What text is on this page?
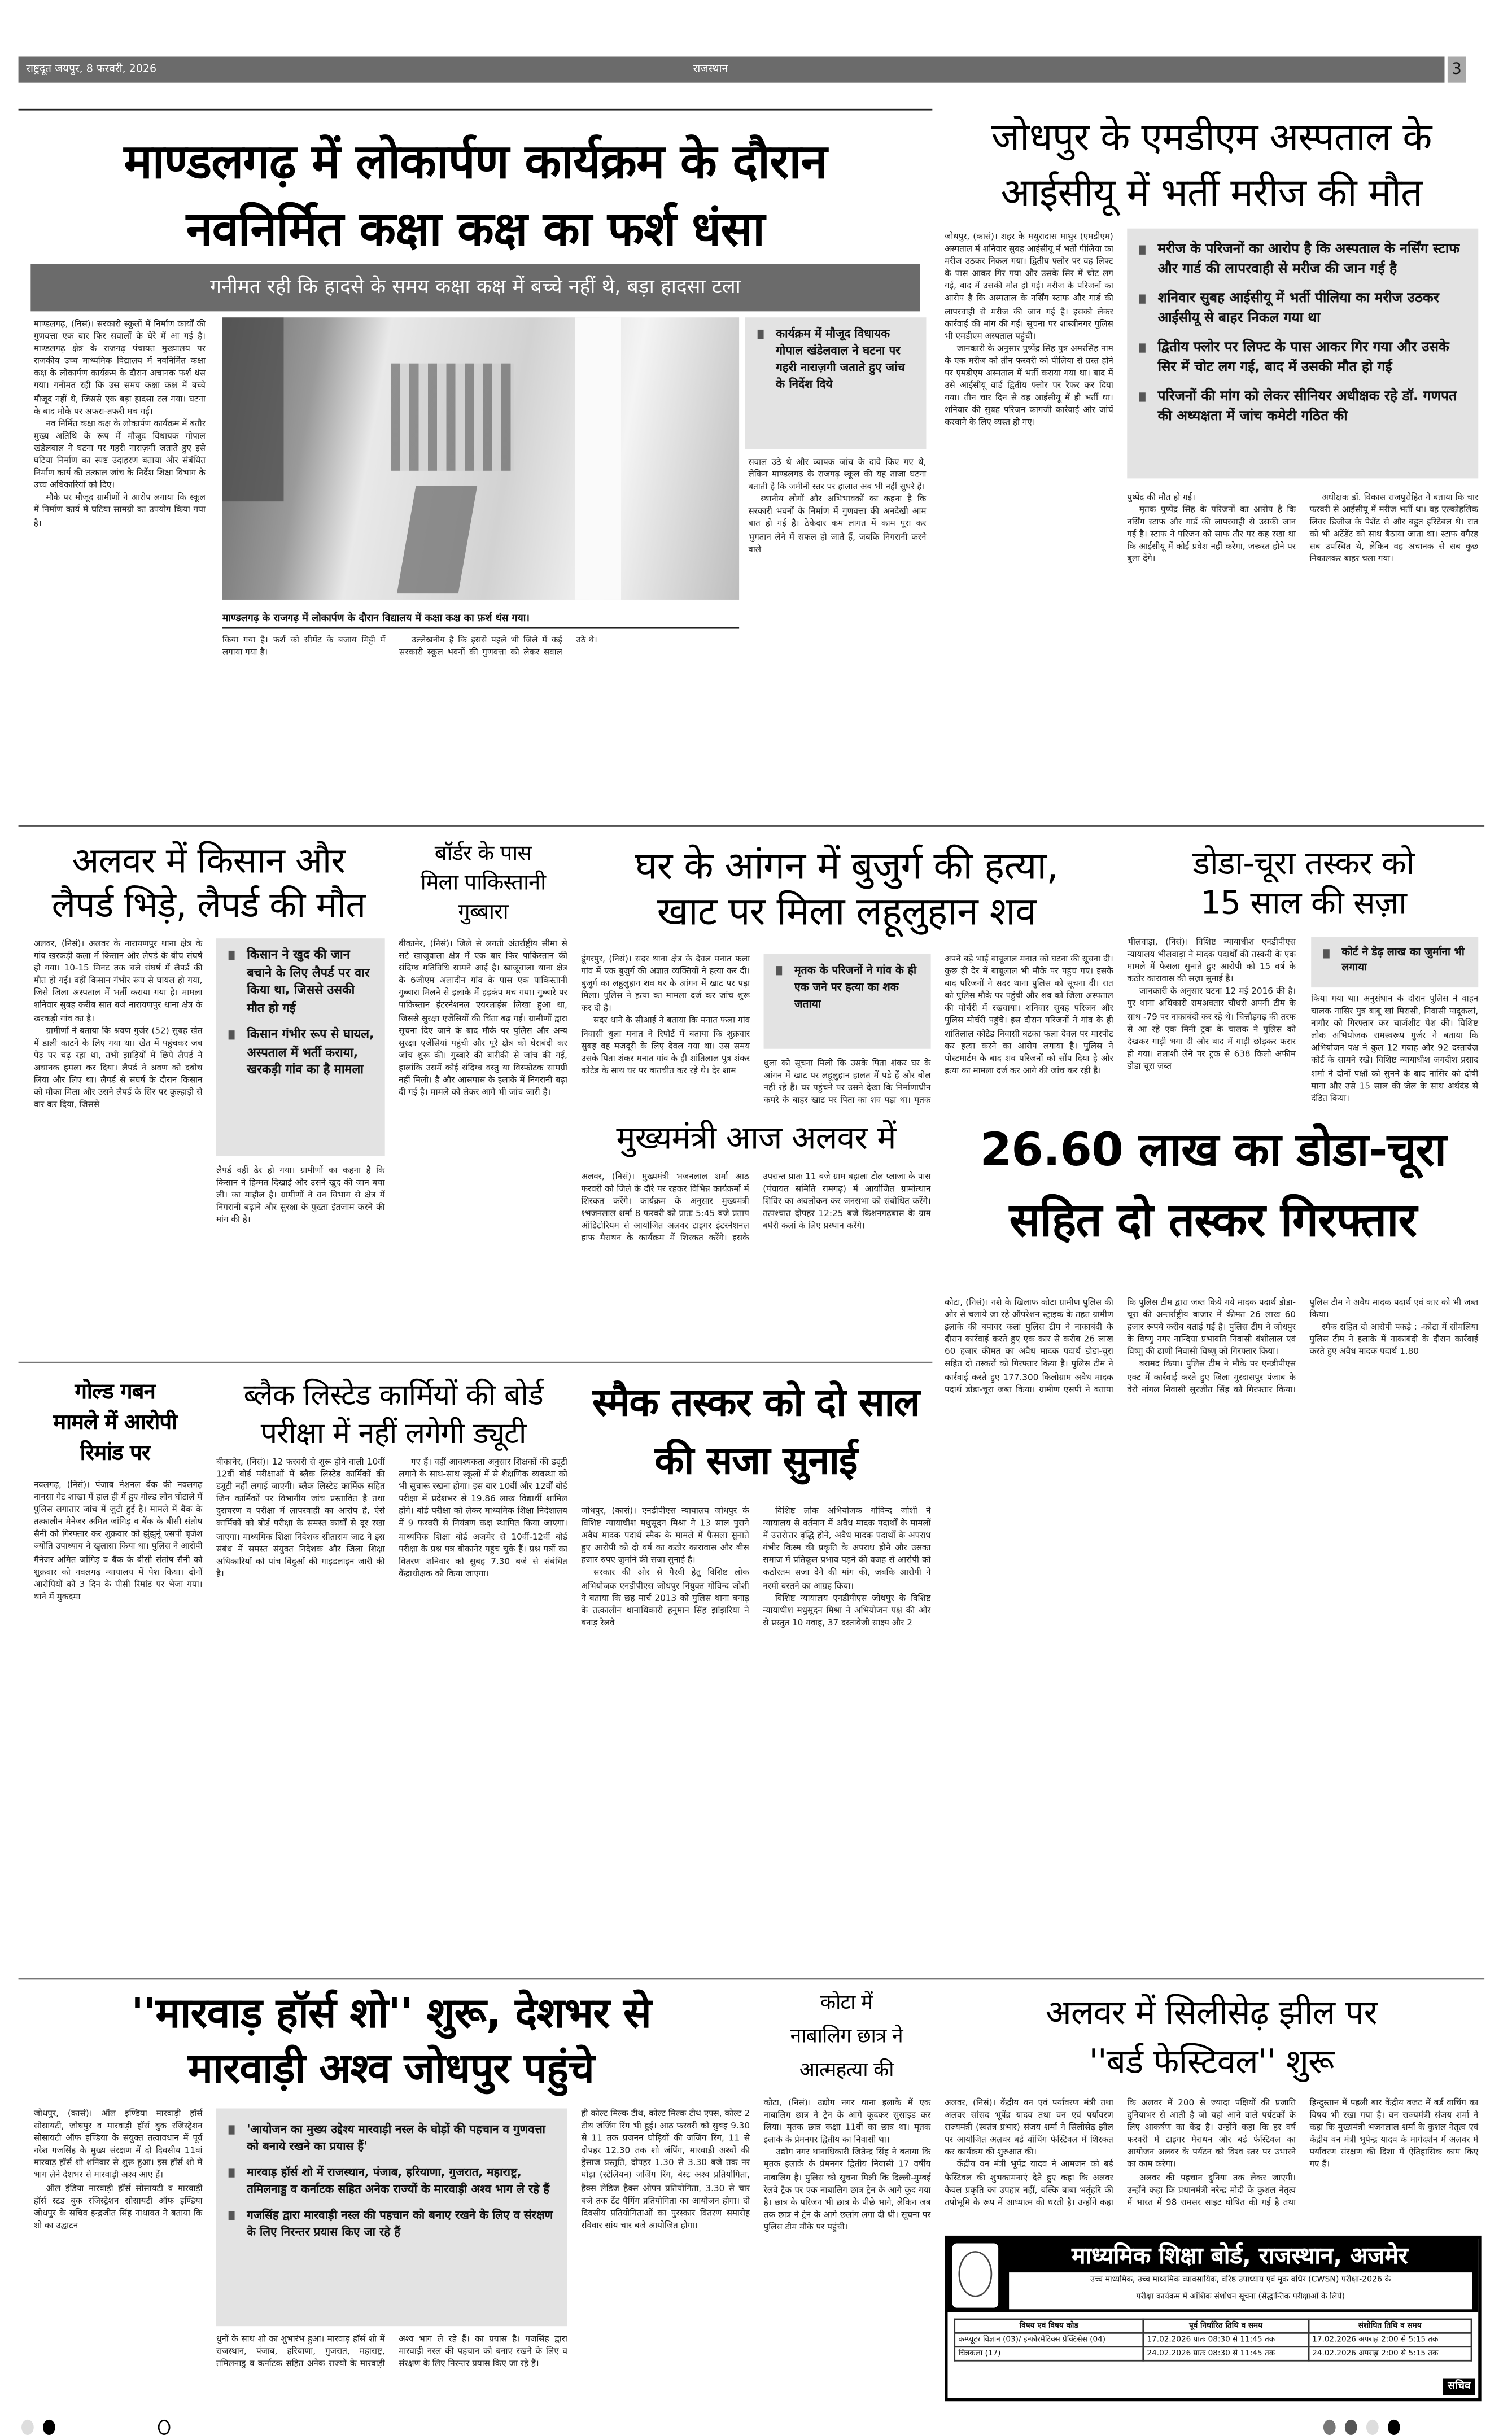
राष्ट्रदूत जयपुर, 8 फरवरी, 2026	राजस्थान	3
माण्डलगढ़ में लोकार्पण कार्यक्रम के दौरान
नवनिर्मित कक्षा कक्ष का फर्श धंसा
गनीमत रही कि हादसे के समय कक्षा कक्ष में बच्चे नहीं थे, बड़ा हादसा टला

माण्डलगढ़, (निसं)। सरकारी स्कूलों में निर्माण कार्यों की गुणवत्ता एक बार फिर सवालों के घेरे में आ गई है। माण्डलगढ़ क्षेत्र के राजगढ़ पंचायत मुख्यालय पर राजकीय उच्च माध्यमिक विद्यालय में नवनिर्मित कक्षा कक्ष के लोकार्पण कार्यक्रम के दौरान अचानक फर्श धंस गया। गनीमत रही कि उस समय कक्षा कक्ष में बच्चे मौजूद नहीं थे, जिससे एक बड़ा हादसा टल गया। घटना के बाद मौके पर अफरा-तफरी मच गई।

नव निर्मित कक्षा कक्ष के लोकार्पण कार्यक्रम में बतौर मुख्य अतिथि के रूप में मौजूद विधायक गोपाल खंडेलवाल ने घटना पर गहरी नाराज़गी जताते हुए इसे घटिया निर्माण का स्पष्ट उदाहरण बताया और संबंधित निर्माण कार्य की तत्काल जांच के निर्देश शिक्षा विभाग के उच्च अधिकारियों को दिए।

मौके पर मौजूद ग्रामीणों ने आरोप लगाया कि स्कूल में निर्माण कार्य में घटिया सामग्री का उपयोग किया गया है।

माण्डलगढ़ के राजगढ़ में लोकार्पण के दौरान विद्यालय में कक्षा कक्ष का फ़र्श धंस गया।

किया गया है। फर्श को सीमेंट के बजाय मिट्टी में लगाया गया है।

उल्लेखनीय है कि इससे पहले भी जिले में कई सरकारी स्कूल भवनों की गुणवत्ता को लेकर सवाल उठे थे।

कार्यक्रम में मौजूद विधायक गोपाल खंडेलवाल ने घटना पर गहरी नाराज़गी जताते हुए जांच के निर्देश दिये

सवाल उठे थे और व्यापक जांच के दावे किए गए थे, लेकिन माण्डलगढ़ के राजगढ़ स्कूल की यह ताजा घटना बताती है कि जमीनी स्तर पर हालात अब भी नहीं सुधरे हैं।

स्थानीय लोगों और अभिभावकों का कहना है कि सरकारी भवनों के निर्माण में गुणवत्ता की अनदेखी आम बात हो गई है। ठेकेदार कम लागत में काम पूरा कर भुगतान लेने में सफल हो जाते हैं, जबकि निगरानी करने वाले

जोधपुर के एमडीएम अस्पताल के
आईसीयू में भर्ती मरीज की मौत

जोधपुर, (कासं)। शहर के मथुरादास माथुर (एमडीएम) अस्पताल में शनिवार सुबह आईसीयू में भर्ती पीलिया का मरीज उठकर निकल गया। द्वितीय फ्लोर पर वह लिफ्ट के पास आकर गिर गया और उसके सिर में चोट लग गई, बाद में उसकी मौत हो गई। मरीज के परिजनों का आरोप है कि अस्पताल के नर्सिंग स्टाफ और गार्ड की लापरवाही से मरीज की जान गई है। इसको लेकर कार्रवाई की मांग की गई। सूचना पर शास्त्रीनगर पुलिस भी एमडीएम अस्पताल पहुंची।

जानकारी के अनुसार पुष्पेंद्र सिंह पुत्र अमरसिंह नाम के एक मरीज को तीन फरवरी को पीलिया से ग्रस्त होने पर एमडीएम अस्पताल में भर्ती कराया गया था। बाद में उसे आईसीयू वार्ड द्वितीय फ्लोर पर रैफर कर दिया गया। तीन चार दिन से वह आईसीयू में ही भर्ती था। शनिवार की सुबह परिजन कागजी कार्रवाई और जांचें करवाने के लिए व्यस्त हो गए।

मरीज के परिजनों का आरोप है कि अस्पताल के नर्सिंग स्टाफ और गार्ड की लापरवाही से मरीज की जान गई है
शनिवार सुबह आईसीयू में भर्ती पीलिया का मरीज उठकर आईसीयू से बाहर निकल गया था
द्वितीय फ्लोर पर लिफ्ट के पास आकर गिर गया और उसके सिर में चोट लग गई, बाद में उसकी मौत हो गई
परिजनों की मांग को लेकर सीनियर अधीक्षक रहे डॉ. गणपत की अध्यक्षता में जांच कमेटी गठित की

पुष्पेंद्र की मौत हो गई।

मृतक पुष्पेंद्र सिंह के परिजनों का आरोप है कि नर्सिंग स्टाफ और गार्ड की लापरवाही से उसकी जान गई है। स्टाफ ने परिजन को साफ तौर पर कह रखा था कि आईसीयू में कोई प्रवेश नहीं करेगा, जरूरत होने पर बुला देंगे।

अधीक्षक डॉ. विकास राजपुरोहित ने बताया कि चार फरवरी से आईसीयू में मरीज भर्ती था। वह एल्कोहलिक लिवर डिजीज के पेशेंट से और बहुत इरिटेबल थे। रात को भी अटेंडेंट को साथ बैठाया जाता था। स्टाफ वगैरह सब उपस्थित थे, लेकिन वह अचानक से सब कुछ निकालकर बाहर चला गया।

अलवर में किसान और
लैपर्ड भिड़े, लैपर्ड की मौत

अलवर, (निसं)। अलवर के नारायणपुर थाना क्षेत्र के गांव खरकड़ी कला में किसान और लैपर्ड के बीच संघर्ष हो गया। 10-15 मिनट तक चले संघर्ष में लैपर्ड की मौत हो गई। वहीं किसान गंभीर रूप से घायल हो गया, जिसे जिला अस्पताल में भर्ती कराया गया है। मामला शनिवार सुबह करीब सात बजे नारायणपुर थाना क्षेत्र के खरकड़ी गांव का है।

ग्रामीणों ने बताया कि श्रवण गुर्जर (52) सुबह खेत में डाली काटने के लिए गया था। खेत में पहुंचकर जब पेड़ पर चढ़ रहा था, तभी झाड़ियों में छिपे लैपर्ड ने अचानक हमला कर दिया। लैपर्ड ने श्रवण को दबोच लिया और लिए था। लैपर्ड से संघर्ष के दौरान किसान को मौका मिला और उसने लैपर्ड के सिर पर कुल्हाड़ी से वार कर दिया, जिससे

किसान ने खुद की जान बचाने के लिए लैपर्ड पर वार किया था, जिससे उसकी मौत हो गई
किसान गंभीर रूप से घायल, अस्पताल में भर्ती कराया, खरकड़ी गांव का है मामला

लैपर्ड वहीं ढेर हो गया। ग्रामीणों का कहना है कि किसान ने हिम्मत दिखाई और उसने खुद की जान बचा ली। का माहौल है। ग्रामीणों ने वन विभाग से क्षेत्र में निगरानी बढ़ाने और सुरक्षा के पुख्ता इंतजाम करने की मांग की है।

बॉर्डर के पास
मिला पाकिस्तानी
गुब्बारा

बीकानेर, (निसं)। जिले से लगती अंतर्राष्ट्रीय सीमा से सटे खाजूवाला क्षेत्र में एक बार फिर पाकिस्तान की संदिग्ध गतिविधि सामने आई है। खाजूवाला थाना क्षेत्र के 6जीएम अलादीन गांव के पास एक पाकिस्तानी गुब्बारा मिलने से इलाके में हड़कंप मच गया। गुब्बारे पर पाकिस्तान इंटरनेशनल एयरलाइंस लिखा हुआ था, जिससे सुरक्षा एजेंसियों की चिंता बढ़ गई। ग्रामीणों द्वारा सूचना दिए जाने के बाद मौके पर पुलिस और अन्य सुरक्षा एजेंसियां पहुंची और पूरे क्षेत्र को घेराबंदी कर जांच शुरू की। गुब्बारे की बारीकी से जांच की गई, हालांकि उसमें कोई संदिग्ध वस्तु या विस्फोटक सामग्री नहीं मिली। है और आसपास के इलाके में निगरानी बढ़ा दी गई है। मामले को लेकर आगे भी जांच जारी है।

घर के आंगन में बुजुर्ग की हत्या,
खाट पर मिला लहूलुहान शव

डूंगरपुर, (निसं)। सदर थाना क्षेत्र के देवल मनात फला गांव में एक बुजुर्ग की अज्ञात व्यक्तियों ने हत्या कर दी। बुजुर्ग का लहूलुहान शव घर के आंगन में खाट पर पड़ा मिला। पुलिस ने हत्या का मामला दर्ज कर जांच शुरू कर दी है।

सदर थाने के सीआई ने बताया कि मनात फला गांव निवासी धुला मनात ने रिपोर्ट में बताया कि शुक्रवार सुबह वह मजदूरी के लिए देवल गया था। उस समय उसके पिता शंकर मनात गांव के ही शांतिलाल पुत्र शंकर कोटेड के साथ घर पर बातचीत कर रहे थे। देर शाम

मृतक के परिजनों ने गांव के ही एक जने पर हत्या का शक जताया

धुला को सूचना मिली कि उसके पिता शंकर घर के आंगन में खाट पर लहूलुहान हालत में पड़े हैं और बोल नहीं रहे हैं। घर पहुंचने पर उसने देखा कि निर्माणाधीन कमरे के बाहर खाट पर पिता का शव पड़ा था। मृतक

अपने बड़े भाई बाबूलाल मनात को घटना की सूचना दी। कुछ ही देर में बाबूलाल भी मौके पर पहुंच गए। इसके बाद परिजनों ने सदर थाना पुलिस को सूचना दी। रात को पुलिस मौके पर पहुंची और शव को जिला अस्पताल की मोर्चरी में रखवाया। शनिवार सुबह परिजन और पुलिस मोर्चरी पहुंचे। इस दौरान परिजनों ने गांव के ही शांतिलाल कोटेड निवासी बटका फला देवल पर मारपीट कर हत्या करने का आरोप लगाया है। पुलिस ने पोस्टमार्टम के बाद शव परिजनों को सौंप दिया है और हत्या का मामला दर्ज कर आगे की जांच कर रही है।

डोडा-चूरा तस्कर को
15 साल की सज़ा

भीलवाड़ा, (निसं)। विशिष्ट न्यायाधीश एनडीपीएस न्यायालय भीलवाड़ा ने मादक पदार्थों की तस्करी के एक मामले में फैसला सुनाते हुए आरोपी को 15 वर्ष के कठोर कारावास की सज़ा सुनाई है।

जानकारी के अनुसार घटना 12 मई 2016 की है। पुर थाना अधिकारी रामअवतार चौधरी अपनी टीम के साथ -79 पर नाकाबंदी कर रहे थे। चित्तौड़गढ़ की तरफ से आ रहे एक मिनी ट्रक के चालक ने पुलिस को देखकर गाड़ी भगा दी और बाद में गाड़ी छोड़कर फरार हो गया। तलाशी लेने पर ट्रक से 638 किलो अफीम डोडा चूरा ज़ब्त

कोर्ट ने डेढ़ लाख का जुर्माना भी लगाया

किया गया था। अनुसंधान के दौरान पुलिस ने वाहन चालक नासिर पुत्र बाबू खां मिरासी, निवासी पादूकलां, नागौर को गिरफ्तार कर चार्जशीट पेश की। विशिष्ट लोक अभियोजक रामस्वरूप गुर्जर ने बताया कि अभियोजन पक्ष ने कुल 12 गवाह और 92 दस्तावेज़ कोर्ट के सामने रखे। विशिष्ट न्यायाधीश जगदीश प्रसाद शर्मा ने दोनों पक्षों को सुनने के बाद नासिर को दोषी माना और उसे 15 साल की जेल के साथ अर्थदंड से दंडित किया।

मुख्यमंत्री आज अलवर में

अलवर, (निसं)। मुख्यमंत्री भजनलाल शर्मा आठ फरवरी को जिले के दौरे पर रहकर विभिन्न कार्यक्रमों में शिरकत करेंगे। कार्यक्रम के अनुसार मुख्यमंत्री श्भजनलाल शर्मा 8 फरवरी को प्रातः 5:45 बजे प्रताप ऑडिटोरियम से आयोजित अलवर टाइगर इंटरनेशनल हाफ मैराथन के कार्यक्रम में शिरकत करेंगे। इसके उपरान्त प्रातः 11 बजे ग्राम बहाला टोल प्लाजा के पास (पंचायत समिति रामगढ़) में आयोजित ग्रामोत्थान शिविर का अवलोकन कर जनसभा को संबोधित करेंगे। तत्पश्चात दोपहर 12:25 बजे किशनगढ़बास के ग्राम बघेरी कलां के लिए प्रस्थान करेंगे।

26.60 लाख का डोडा-चूरा
सहित दो तस्कर गिरफ्तार

कोटा, (निसं)। नशे के खिलाफ कोटा ग्रामीण पुलिस की ओर से चलाये जा रहे ऑपरेशन स्ट्राइक के तहत ग्रामीण इलाके की बपावर कलां पुलिस टीम ने नाकाबंदी के दौरान कार्रवाई करते हुए एक कार से करीब 26 लाख 60 हजार कीमत का अवैध मादक पदार्थ डोडा-चूरा सहित दो तस्करों को गिरफ्तार किया है। पुलिस टीम ने कार्रवाई करते हुए 177.300 किलोग्राम अवैध मादक पदार्थ डोडा-चूरा जब्त किया। ग्रामीण एसपी ने बताया कि पुलिस टीम द्वारा जब्त किये गये मादक पदार्थ डोडा-चूरा की अन्तर्राष्ट्रीय बाजार में कीमत 26 लाख 60 हजार रूपये करीब बताई गई है। पुलिस टीम ने जोधपुर के विष्णु नगर नान्दिया प्रभावति निवासी बंशीलाल एवं विष्णु की ढाणी निवासी विष्णु को गिरफ्तार किया।

बरामद किया। पुलिस टीम ने मौके पर एनडीपीएस एक्ट में कार्रवाई करते हुए जिला गुरदासपुर पंजाब के वेरो नांगल निवासी सुरजीत सिंह को गिरफ्तार किया। पुलिस टीम ने अवैध मादक पदार्थ एवं कार को भी जब्त किया।

स्मैक सहित दो आरोपी पकड़े : -कोटा में सीमलिया पुलिस टीम ने इलाके में नाकाबंदी के दौरान कार्रवाई करते हुए अवैध मादक पदार्थ 1.80

गोल्ड गबन
मामले में आरोपी
रिमांड पर

नवलगढ़, (निसं)। पंजाब नेशनल बैंक की नवलगढ़ नानसा गेट शाखा में हाल ही में हुए गोल्ड लोन घोटाले में पुलिस लगातार जांच में जुटी हुई है। मामले में बैंक के तत्कालीन मैनेजर अमित जांगिड़ व बैंक के बीसी संतोष सैनी को गिरफ्तार कर शुक्रवार को झुंझुनूं एसपी बृजेश ज्योति उपाध्याय ने खुलासा किया था। पुलिस ने आरोपी मैनेजर अमित जांगिड़ व बैंक के बीसी संतोष सैनी को शुक्रवार को नवलगढ़ न्यायालय में पेश किया। दोनों आरोपियों को 3 दिन के पीसी रिमांड पर भेजा गया। थाने में मुकदमा

ब्लैक लिस्टेड कार्मियों की बोर्ड
परीक्षा में नहीं लगेगी ड्यूटी

बीकानेर, (निसं)। 12 फरवरी से शुरू होने वाली 10वीं 12वीं बोर्ड परीक्षाओं में ब्लैक लिस्टेड कार्मिकों की ड्यूटी नहीं लगाई जाएगी। ब्लैक लिस्टेड कार्मिक सहित जिन कार्मिकों पर विभागीय जांच प्रस्तावित है तथा दुराचरण व परीक्षा में लापरवाही का आरोप है, ऐसे कार्मिकों को बोर्ड परीक्षा के समस्त कार्यों से दूर रखा जाएगा। माध्यमिक शिक्षा निदेशक सीताराम जाट ने इस संबंध में समस्त संयुक्त निदेशक और जिला शिक्षा अधिकारियों को पांच बिंदुओं की गाइडलाइन जारी की है।

गए हैं। वहीं आवश्यकता अनुसार शिक्षकों की ड्यूटी लगाने के साथ-साथ स्कूलों में से शैक्षणिक व्यवस्था को भी सुचारू रखना होगा। इस बार 10वीं और 12वीं बोर्ड परीक्षा में प्रदेशभर से 19.86 लाख विद्यार्थी शामिल होंगे। बोर्ड परीक्षा को लेकर माध्यमिक शिक्षा निदेशालय में 9 फरवरी से नियंत्रण कक्ष स्थापित किया जाएगा। माध्यमिक शिक्षा बोर्ड अजमेर से 10वीं-12वीं बोर्ड परीक्षा के प्रश्न पत्र बीकानेर पहुंच चुके हैं। प्रश्न पत्रों का वितरण शनिवार को सुबह 7.30 बजे से संबंधित केंद्राधीक्षक को किया जाएगा।

स्मैक तस्कर को दो साल
की सजा सुनाई

जोधपुर, (कासं)। एनडीपीएस न्यायालय जोधपुर के विशिष्ट न्यायाधीश मधुसूदन मिश्रा ने 13 साल पुराने अवैध मादक पदार्थ स्मैक के मामले में फैसला सुनाते हुए आरोपी को दो वर्ष का कठोर कारावास और बीस हजार रुपए जुर्माने की सजा सुनाई है।

सरकार की ओर से पैरवी हेतु विशिष्ट लोक अभियोजक एनडीपीएस जोधपुर नियुक्त गोविन्द जोशी ने बताया कि छह मार्च 2013 को पुलिस थाना बनाड़ के तत्कालीन थानाधिकारी हनुमान सिंह झांझरिया ने बनाड़ रेलवे

विशिष्ट लोक अभियोजक गोविन्द जोशी ने न्यायालय से वर्तमान में अवैध मादक पदार्थों के मामलों में उत्तरोत्तर वृद्धि होने, अवैध मादक पदार्थों के अपराध गंभीर किस्म की प्रकृति के अपराध होने और उसका समाज में प्रतिकूल प्रभाव पड़ने की वजह से आरोपी को कठोरतम सजा देने की मांग की, जबकि आरोपी ने नरमी बरतने का आग्रह किया।

विशिष्ट न्यायालय एनडीपीएस जोधपुर के विशिष्ट न्यायाधीश मधुसूदन मिश्रा ने अभियोजन पक्ष की ओर से प्रस्तुत 10 गवाह, 37 दस्तावेजी साक्ष्य और 2

''मारवाड़ हॉर्स शो'' शुरू, देशभर से
मारवाड़ी अश्व जोधपुर पहुंचे

जोधपुर, (कासं)। ऑल इण्डिया मारवाड़ी हॉर्स सोसायटी, जोधपुर व मारवाड़ी हॉर्स बुक रजिस्ट्रेशन सोसायटी ऑफ इण्डिया के संयुक्त तत्वावधान में पूर्व नरेश गजसिंह के मुख्य संरक्षण में दो दिवसीय 11वां मारवाड़ हॉर्स शो शनिवार से शुरू हुआ। इस हॉर्स शो में भाग लेने देशभर से मारवाड़ी अश्व आए हैं।

ऑल इंडिया मारवाड़ी हॉर्स सोसायटी व मारवाड़ी हॉर्स स्टड बुक रजिस्ट्रेशन सोसायटी ऑफ इण्डिया जोधपुर के सचिव इन्द्रजीत सिंह नाथावत ने बताया कि शो का उद्घाटन

'आयोजन का मुख्य उद्देश्य मारवाड़ी नस्ल के घोड़ों की पहचान व गुणवत्ता को बनाये रखने का प्रयास हैं'
मारवाड़ हॉर्स शो में राजस्थान, पंजाब, हरियाणा, गुजरात, महाराष्ट्र, तमिलनाडु व कर्नाटक सहित अनेक राज्यों के मारवाड़ी अश्व भाग ले रहे हैं
गजसिंह द्वारा मारवाड़ी नस्ल की पहचान को बनाए रखने के लिए व संरक्षण के लिए निरन्तर प्रयास किए जा रहे हैं

धुनों के साथ शो का शुभारंभ हुआ। मारवाड़ हॉर्स शो में राजस्थान, पंजाब, हरियाणा, गुजरात, महाराष्ट्र, तमिलनाडु व कर्नाटक सहित अनेक राज्यों के मारवाड़ी अश्व भाग ले रहे हैं। का प्रयास है। गजसिंह द्वारा मारवाड़ी नस्ल की पहचान को बनाए रखने के लिए व संरक्षण के लिए निरन्तर प्रयास किए जा रहे हैं।

ही कोल्ट मिल्क टीथ, कोल्ट मिल्क टीथ एफ्स, कोल्ट 2 टीथ जंजिंग रिंग भी हुईं। आठ फरवरी को सुबह 9.30 से 11 तक प्रजनन घोड़ियों की जजिंग रिंग, 11 से दोपहर 12.30 तक शो जंपिंग, मारवाड़ी अश्वों की ड्रेसाज प्रस्तुति, दोपहर 1.30 से 3.30 बजे तक नर घोड़ा (स्टेलियन) जजिंग रिंग, बेस्ट अश्व प्रतियोगिता, हैक्स लेडिज हैक्स ओपन प्रतियोगिता, 3.30 से चार बजे तक टेंट पैगिंग प्रतियोगिता का आयोजन होगा। दो दिवसीय प्रतियोगिताओं का पुरस्कार वितरण समारोह रविवार सांय चार बजे आयोजित होगा।

कोटा में
नाबालिग छात्र ने
आत्महत्या की

कोटा, (निसं)। उद्योग नगर थाना इलाके में एक नाबालिग छात्र ने ट्रेन के आगे कूदकर सुसाइड कर लिया। मृतक छात्र कक्षा 11वीं का छात्र था। मृतक इलाके के प्रेमनगर द्वितीय का निवासी था।

उद्योग नगर थानाधिकारी जितेन्द्र सिंह ने बताया कि मृतक इलाके के प्रेमनगर द्वितीय निवासी 17 वर्षीय नाबालिग है। पुलिस को सूचना मिली कि दिल्ली-मुम्बई रेलवे ट्रैक पर एक नाबालिग छात्र ट्रेन के आगे कूद गया है। छात्र के परिजन भी छात्र के पीछे भागे, लेकिन जब तक छात्र ने ट्रेन के आगे छलांग लगा दी थी। सूचना पर पुलिस टीम मौके पर पहुंची।

अलवर में सिलीसेढ़ झील पर
''बर्ड फेस्टिवल'' शुरू

अलवर, (निसं)। केंद्रीय वन एवं पर्यावरण मंत्री तथा अलवर सांसद भूपेंद्र यादव तथा वन एवं पर्यावरण राज्यमंत्री (स्वतंत्र प्रभार) संजय शर्मा ने सिलीसेढ़ झील पर आयोजित अलवर बर्ड वॉचिंग फेस्टिवल में शिरकत कर कार्यक्रम की शुरुआत की।

केंद्रीय वन मंत्री भूपेंद्र यादव ने आमजन को बर्ड फेस्टिवल की शुभकामनाएं देते हुए कहा कि अलवर केवल प्रकृति का उपहार नहीं, बल्कि बाबा भर्तृहरि की तपोभूमि के रूप में आध्यात्म की धरती है। उन्होंने कहा कि अलवर में 200 से ज्यादा पक्षियों की प्रजाति दुनियाभर से आती है जो यहां आने वाले पर्यटकों के लिए आकर्षण का केंद्र है। उन्होंने कहा कि हर वर्ष फरवरी में टाइगर मैराथन और बर्ड फेस्टिवल का आयोजन अलवर के पर्यटन को विश्व स्तर पर उभारने का काम करेगा।

अलवर की पहचान दुनिया तक लेकर जाएगी। उन्होंने कहा कि प्रधानमंत्री नरेन्द्र मोदी के कुशल नेतृत्व में भारत में 98 रामसर साइट घोषित की गई है तथा हिन्दुस्तान में पहली बार केंद्रीय बजट में बर्ड वाचिंग का विषय भी रखा गया है। वन राज्यमंत्री संजय शर्मा ने कहा कि मुख्यमंत्री भजनलाल शर्मा के कुशल नेतृत्व एवं केंद्रीय वन मंत्री भूपेन्द्र यादव के मार्गदर्शन में अलवर में पर्यावरण संरक्षण की दिशा में ऐतिहासिक काम किए गए हैं।

माध्यमिक शिक्षा बोर्ड, राजस्थान, अजमेर
उच्च माध्यमिक, उच्च माध्यमिक व्यावसायिक, वरिष्ठ उपाध्याय एवं मूक बधिर (CWSN) परीक्षा-2026 के
परीक्षा कार्यक्रम में आंशिक संशोधन सूचना (सैद्धान्तिक परीक्षाओं के लिये)
विषय एवं विषय कोड	पूर्व निर्धारित तिथि व समय	संशोधित तिथि व समय
कम्प्यूटर विज्ञान (03)/ इन्फोरमेटिक्स प्रेक्टिसेस (04)	17.02.2026 प्रातः 08:30 से 11:45 तक	17.02.2026 अपराह्न 2:00 से 5:15 तक
चित्रकला (17)	24.02.2026 प्रातः 08:30 से 11:45 तक	24.02.2026 अपराह्न 2:00 से 5:15 तक
सचिव
